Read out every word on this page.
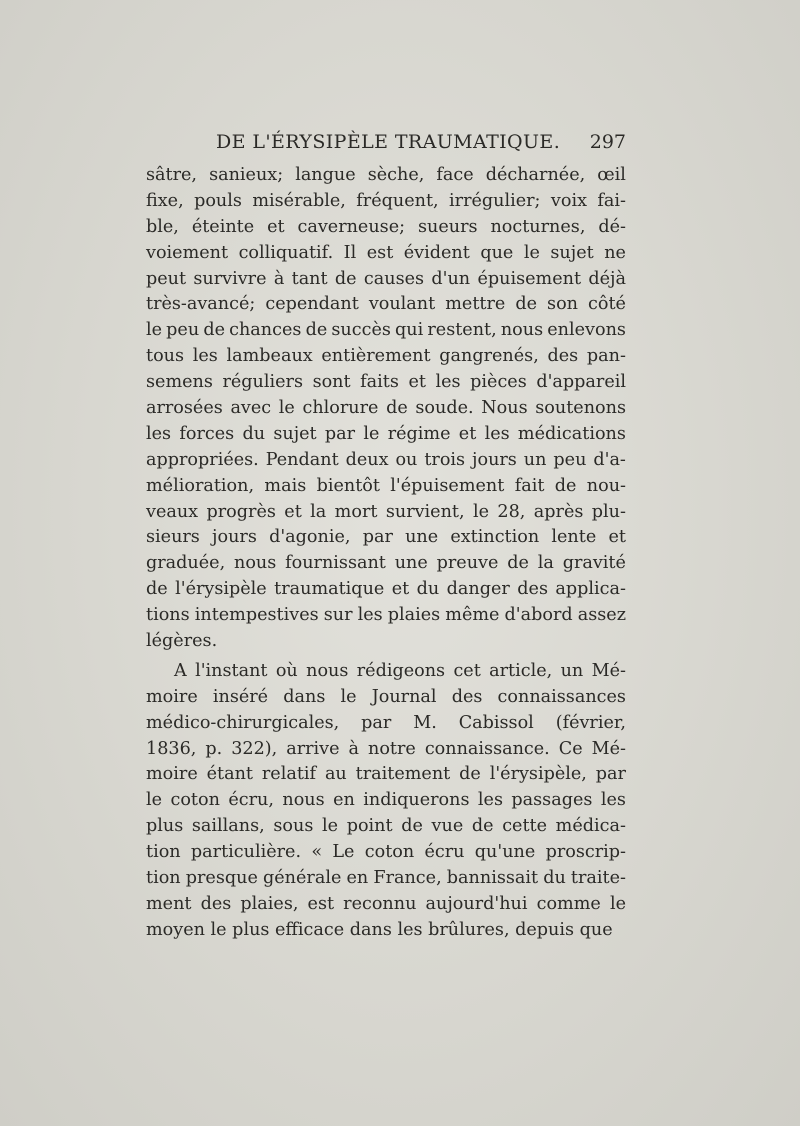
DE L'ÉRYSIPÈLE TRAUMATIQUE. 297
sâtre, sanieux; langue sèche, face décharnée, œil
fixe, pouls misérable, fréquent, irrégulier; voix fai-
ble, éteinte et caverneuse; sueurs nocturnes, dé-
voiement colliquatif. Il est évident que le sujet ne
peut survivre à tant de causes d'un épuisement déjà
très-avancé; cependant voulant mettre de son côté
le peu de chances de succès qui restent, nous enlevons
tous les lambeaux entièrement gangrenés, des pan-
semens réguliers sont faits et les pièces d'appareil
arrosées avec le chlorure de soude. Nous soutenons
les forces du sujet par le régime et les médications
appropriées. Pendant deux ou trois jours un peu d'a-
mélioration, mais bientôt l'épuisement fait de nou-
veaux progrès et la mort survient, le 28, après plu-
sieurs jours d'agonie, par une extinction lente et
graduée, nous fournissant une preuve de la gravité
de l'érysipèle traumatique et du danger des applica-
tions intempestives sur les plaies même d'abord assez
légères.
A l'instant où nous rédigeons cet article, un Mé-
moire inséré dans le Journal des connaissances
médico-chirurgicales, par M. Cabissol (février,
1836, p. 322), arrive à notre connaissance. Ce Mé-
moire étant relatif au traitement de l'érysipèle, par
le coton écru, nous en indiquerons les passages les
plus saillans, sous le point de vue de cette médica-
tion particulière. « Le coton écru qu'une proscrip-
tion presque générale en France, bannissait du traite-
ment des plaies, est reconnu aujourd'hui comme le
moyen le plus efficace dans les brûlures, depuis que
